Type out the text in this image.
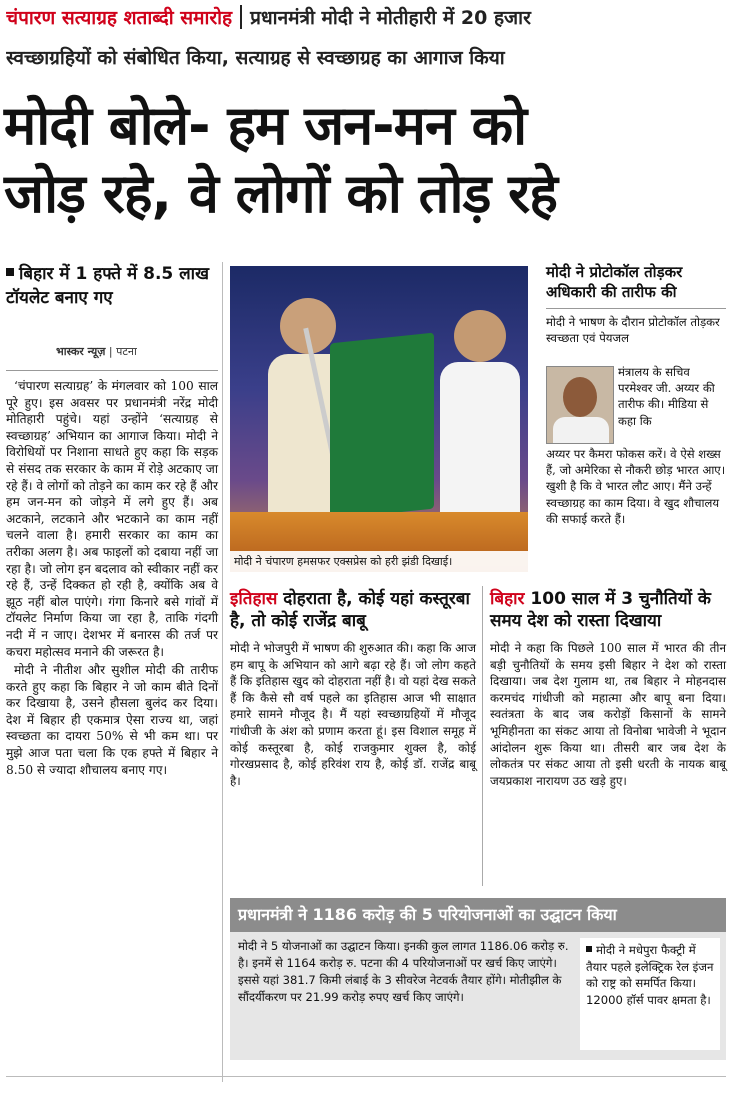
चंपारण सत्याग्रह शताब्दी समारोह प्रधानमंत्री मोदी ने मोतीहारी में 20 हजार
स्वच्छाग्रहियों को संबोधित किया, सत्याग्रह से स्वच्छाग्रह का आगाज किया
मोदी बोले- हम जन-मन को
जोड़ रहे, वे लोगों को तोड़ रहे
बिहार में 1 हफ्ते में 8.5 लाख टॉयलेट बनाए गए
भास्कर न्यूज़ | पटना

‘चंपारण सत्याग्रह’ के मंगलवार को 100 साल पूरे हुए। इस अवसर पर प्रधानमंत्री नरेंद्र मोदी मोतिहारी पहुंचे। यहां उन्होंने ‘सत्याग्रह से स्वच्छाग्रह’ अभियान का आगाज किया। मोदी ने विरोधियों पर निशाना साधते हुए कहा कि सड़क से संसद तक सरकार के काम में रोड़े अटकाए जा रहे हैं। वे लोगों को तोड़ने का काम कर रहे हैं और हम जन-मन को जोड़ने में लगे हुए हैं। अब अटकाने, लटकाने और भटकाने का काम नहीं चलने वाला है। हमारी सरकार का काम का तरीका अलग है। अब फाइलों को दबाया नहीं जा रहा है। जो लोग इन बदलाव को स्वीकार नहीं कर रहे हैं, उन्हें दिक्कत हो रही है, क्योंकि अब वे झूठ नहीं बोल पाएंगे। गंगा किनारे बसे गांवों में टॉयलेट निर्माण किया जा रहा है, ताकि गंदगी नदी में न जाए। देशभर में बनारस की तर्ज पर कचरा महोत्सव मनाने की जरूरत है।

मोदी ने नीतीश और सुशील मोदी की तारीफ करते हुए कहा कि बिहार ने जो काम बीते दिनों कर दिखाया है, उसने हौसला बुलंद कर दिया। देश में बिहार ही एकमात्र ऐसा राज्य था, जहां स्वच्छता का दायरा 50% से भी कम था। पर मुझे आज पता चला कि एक हफ्ते में बिहार ने 8.50 से ज्यादा शौचालय बनाए गए।

मोदी ने चंपारण हमसफर एक्सप्रेस को हरी झंडी दिखाई।
मोदी ने प्रोटोकॉल तोड़कर अधिकारी की तारीफ की
मोदी ने भाषण के दौरान प्रोटोकॉल तोड़कर स्वच्छता एवं पेयजल
मंत्रालय के सचिव परमेश्वर जी. अय्यर की तारीफ की। मीडिया से कहा कि
अय्यर पर कैमरा फोकस करें। वे ऐसे शख्स हैं, जो अमेरिका से नौकरी छोड़ भारत आए। खुशी है कि वे भारत लौट आए। मैंने उन्हें स्वच्छाग्रह का काम दिया। वे खुद शौचालय की सफाई करते हैं।
इतिहास दोहराता है, कोई यहां कस्तूरबा है, तो कोई राजेंद्र बाबू
मोदी ने भोजपुरी में भाषण की शुरुआत की। कहा कि आज हम बापू के अभियान को आगे बढ़ा रहे हैं। जो लोग कहते हैं कि इतिहास खुद को दोहराता नहीं है। वो यहां देख सकते हैं कि कैसे सौ वर्ष पहले का इतिहास आज भी साक्षात हमारे सामने मौजूद है। मैं यहां स्वच्छाग्रहियों में मौजूद गांधीजी के अंश को प्रणाम करता हूं। इस विशाल समूह में कोई कस्तूरबा है, कोई राजकुमार शुक्ल है, कोई गोरखप्रसाद है, कोई हरिवंश राय है, कोई डॉ. राजेंद्र बाबू है।
बिहार 100 साल में 3 चुनौतियों के समय देश को रास्ता दिखाया
मोदी ने कहा कि पिछले 100 साल में भारत की तीन बड़ी चुनौतियों के समय इसी बिहार ने देश को रास्ता दिखाया। जब देश गुलाम था, तब बिहार ने मोहनदास करमचंद गांधीजी को महात्मा और बापू बना दिया। स्वतंत्रता के बाद जब करोड़ों किसानों के सामने भूमिहीनता का संकट आया तो विनोबा भावेजी ने भूदान आंदोलन शुरू किया था। तीसरी बार जब देश के लोकतंत्र पर संकट आया तो इसी धरती के नायक बाबू जयप्रकाश नारायण उठ खड़े हुए।
प्रधानमंत्री ने 1186 करोड़ की 5 परियोजनाओं का उद्घाटन किया
मोदी ने 5 योजनाओं का उद्घाटन किया। इनकी कुल लागत 1186.06 करोड़ रु. है। इनमें से 1164 करोड़ रु. पटना की 4 परियोजनाओं पर खर्च किए जाएंगे। इससे यहां 381.7 किमी लंबाई के 3 सीवरेज नेटवर्क तैयार होंगे। मोतीझील के सौंदर्यीकरण पर 21.99 करोड़ रुपए खर्च किए जाएंगे।
मोदी ने मधेपुरा फैक्ट्री में तैयार पहले इलेक्ट्रिक रेल इंजन को राष्ट्र को समर्पित किया। 12000 हॉर्स पावर क्षमता है।
